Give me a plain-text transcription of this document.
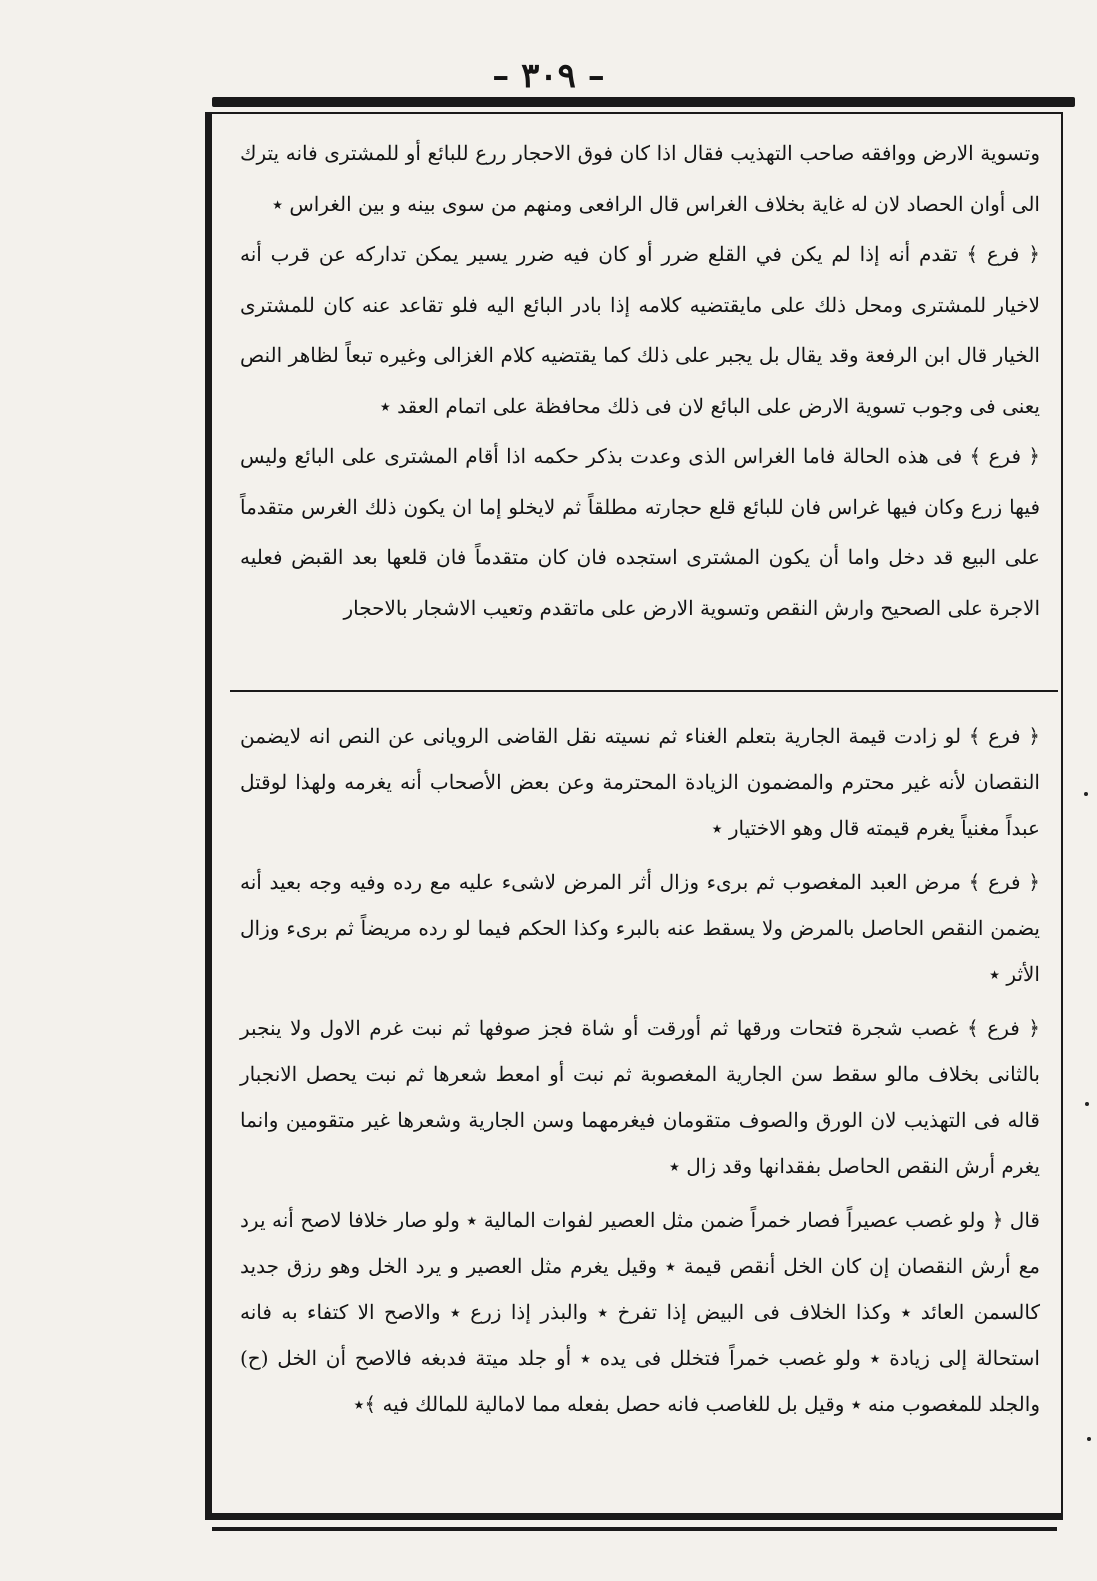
– ٣٠٩ –

وتسوية الارض ووافقه صاحب التهذيب فقال اذا كان فوق الاحجار ررع للبائع أو للمشترى فانه يترك الى أوان الحصاد لان له غاية بخلاف الغراس قال الرافعى ومنهم من سوى بينه و بين الغراس ٭

﴿ فرع ﴾ تقدم أنه إذا لم يكن في القلع ضرر أو كان فيه ضرر يسير يمكن تداركه عن قرب أنه لاخيار للمشترى ومحل ذلك على مايقتضيه كلامه إذا بادر البائع اليه فلو تقاعد عنه كان للمشترى الخيار قال ابن الرفعة وقد يقال بل يجبر على ذلك كما يقتضيه كلام الغزالى وغيره تبعاً لظاهر النص يعنى فى وجوب تسوية الارض على البائع لان فى ذلك محافظة على اتمام العقد ٭

﴿ فرع ﴾ فى هذه الحالة فاما الغراس الذى وعدت بذكر حكمه اذا أقام المشترى على البائع وليس فيها زرع وكان فيها غراس فان للبائع قلع حجارته مطلقاً ثم لايخلو إما ان يكون ذلك الغرس متقدماً على البيع قد دخل واما أن يكون المشترى استجده فان كان متقدماً فان قلعها بعد القبض فعليه الاجرة على الصحيح وارش النقص وتسوية الارض على ماتقدم وتعيب الاشجار بالاحجار

﴿ فرع ﴾ لو زادت قيمة الجارية بتعلم الغناء ثم نسيته نقل القاضى الرويانى عن النص انه لايضمن النقصان لأنه غير محترم والمضمون الزيادة المحترمة وعن بعض الأصحاب أنه يغرمه ولهذا لوقتل عبداً مغنياً يغرم قيمته قال وهو الاختيار ٭

﴿ فرع ﴾ مرض العبد المغصوب ثم برىء وزال أثر المرض لاشىء عليه مع رده وفيه وجه بعيد أنه يضمن النقص الحاصل بالمرض ولا يسقط عنه بالبرء وكذا الحكم فيما لو رده مريضاً ثم برىء وزال الأثر ٭

﴿ فرع ﴾ غصب شجرة فتحات ورقها ثم أورقت أو شاة فجز صوفها ثم نبت غرم الاول ولا ينجبر بالثانى بخلاف مالو سقط سن الجارية المغصوبة ثم نبت أو امعط شعرها ثم نبت يحصل الانجبار قاله فى التهذيب لان الورق والصوف متقومان فيغرمهما وسن الجارية وشعرها غير متقومين وانما يغرم أرش النقص الحاصل بفقدانها وقد زال ٭

قال ﴿ ولو غصب عصيراً فصار خمراً ضمن مثل العصير لفوات المالية ٭ ولو صار خلافا لاصح أنه يرد مع أرش النقصان إن كان الخل أنقص قيمة ٭ وقيل يغرم مثل العصير و يرد الخل وهو رزق جديد كالسمن العائد ٭ وكذا الخلاف فى البيض إذا تفرخ ٭ والبذر إذا زرع ٭ والاصح الا كتفاء به فانه استحالة إلى زيادة ٭ ولو غصب خمراً فتخلل فى يده ٭ أو جلد ميتة فدبغه فالاصح أن الخل (ح) والجلد للمغصوب منه ٭ وقيل بل للغاصب فانه حصل بفعله مما لامالية للمالك فيه ﴾٭
